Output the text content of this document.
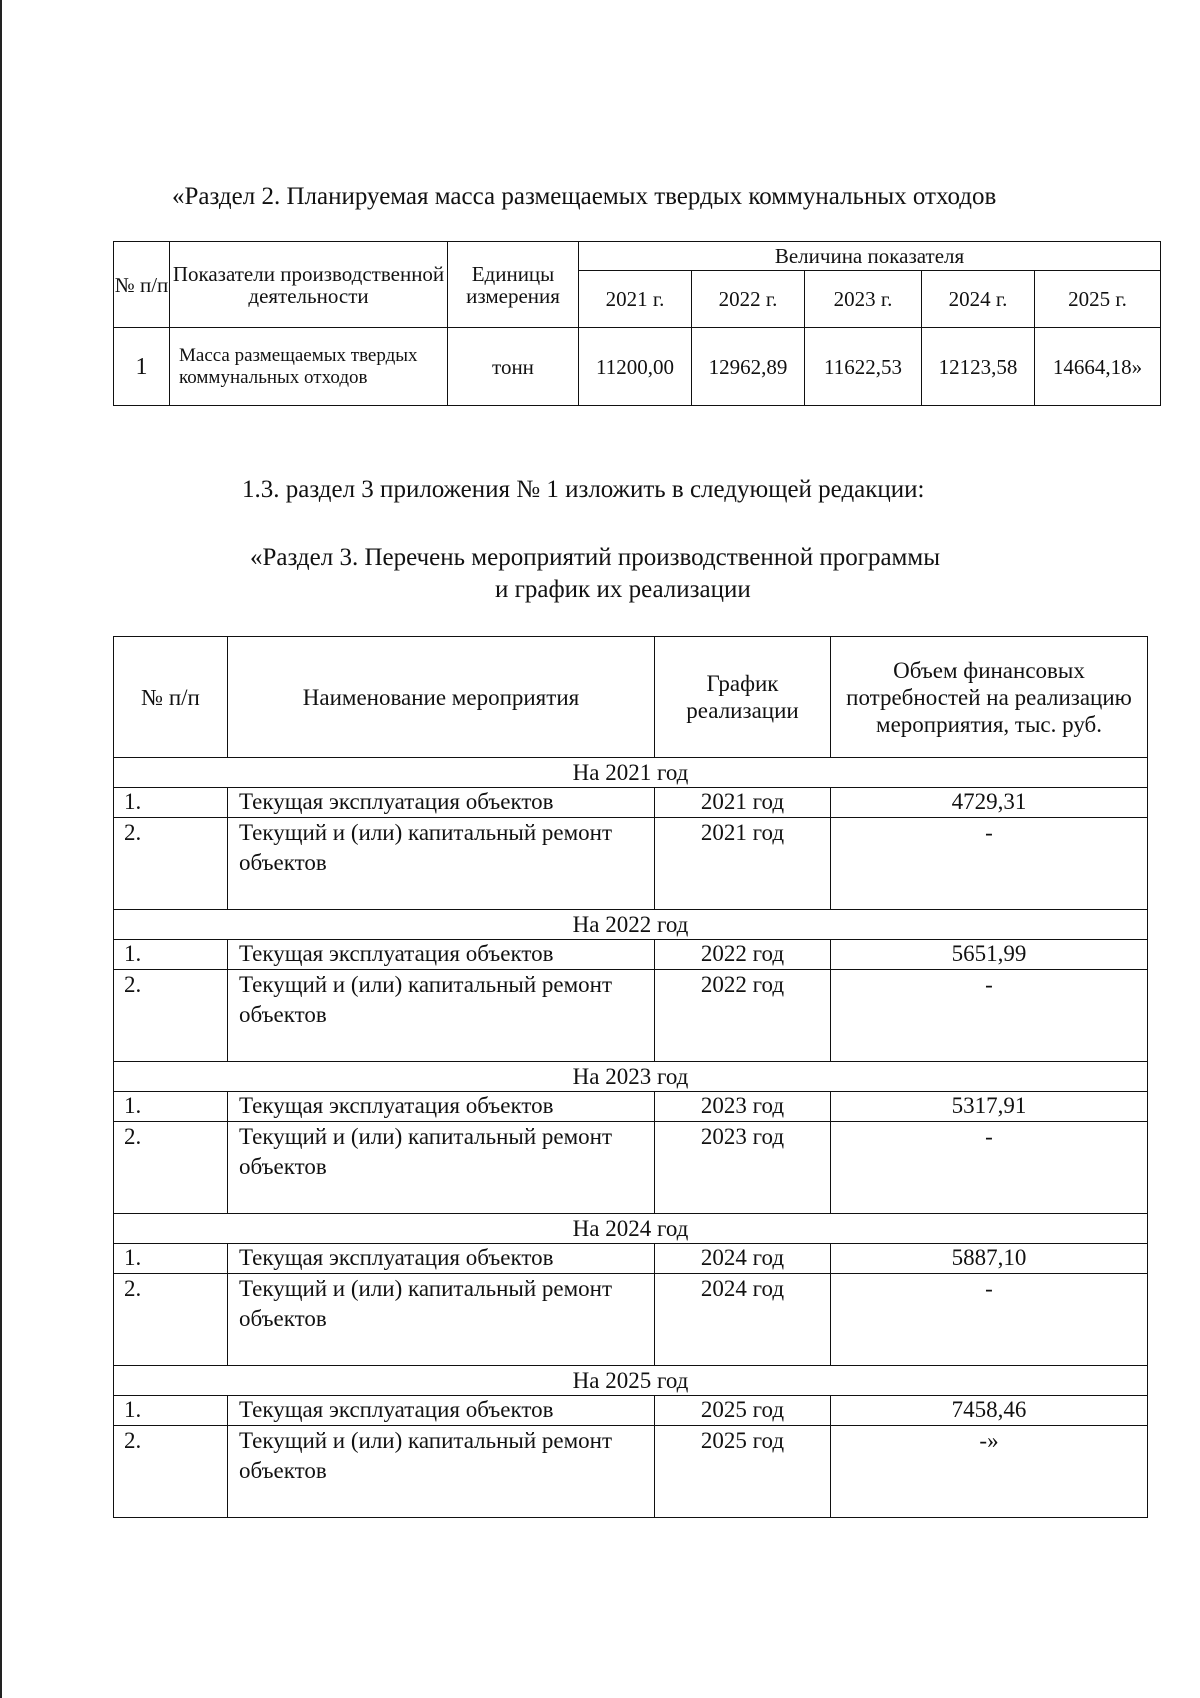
«Раздел 2. Планируемая масса размещаемых твердых коммунальных отходов
№ п/п	Показатели производственной деятельности	Единицы измерения	Величина показателя				
			2021 г.	2022 г.	2023 г.	2024 г.	2025 г.
1	Масса размещаемых твердых коммунальных отходов	тонн	11200,00	12962,89	11622,53	12123,58	14664,18»
1.3. раздел 3 приложения № 1 изложить в следующей редакции:
«Раздел 3. Перечень мероприятий производственной программы
и график их реализации
№ п/п	Наименование мероприятия	График реализации	Объем финансовых потребностей на реализацию мероприятия, тыс. руб.
На 2021 год			
1.	Текущая эксплуатация объектов	2021 год	4729,31
2.	Текущий и (или) капитальный ремонт объектов	2021 год	-
На 2022 год			
1.	Текущая эксплуатация объектов	2022 год	5651,99
2.	Текущий и (или) капитальный ремонт объектов	2022 год	-
На 2023 год			
1.	Текущая эксплуатация объектов	2023 год	5317,91
2.	Текущий и (или) капитальный ремонт объектов	2023 год	-
На 2024 год			
1.	Текущая эксплуатация объектов	2024 год	5887,10
2.	Текущий и (или) капитальный ремонт объектов	2024 год	-
На 2025 год			
1.	Текущая эксплуатация объектов	2025 год	7458,46
2.	Текущий и (или) капитальный ремонт объектов	2025 год	-»
